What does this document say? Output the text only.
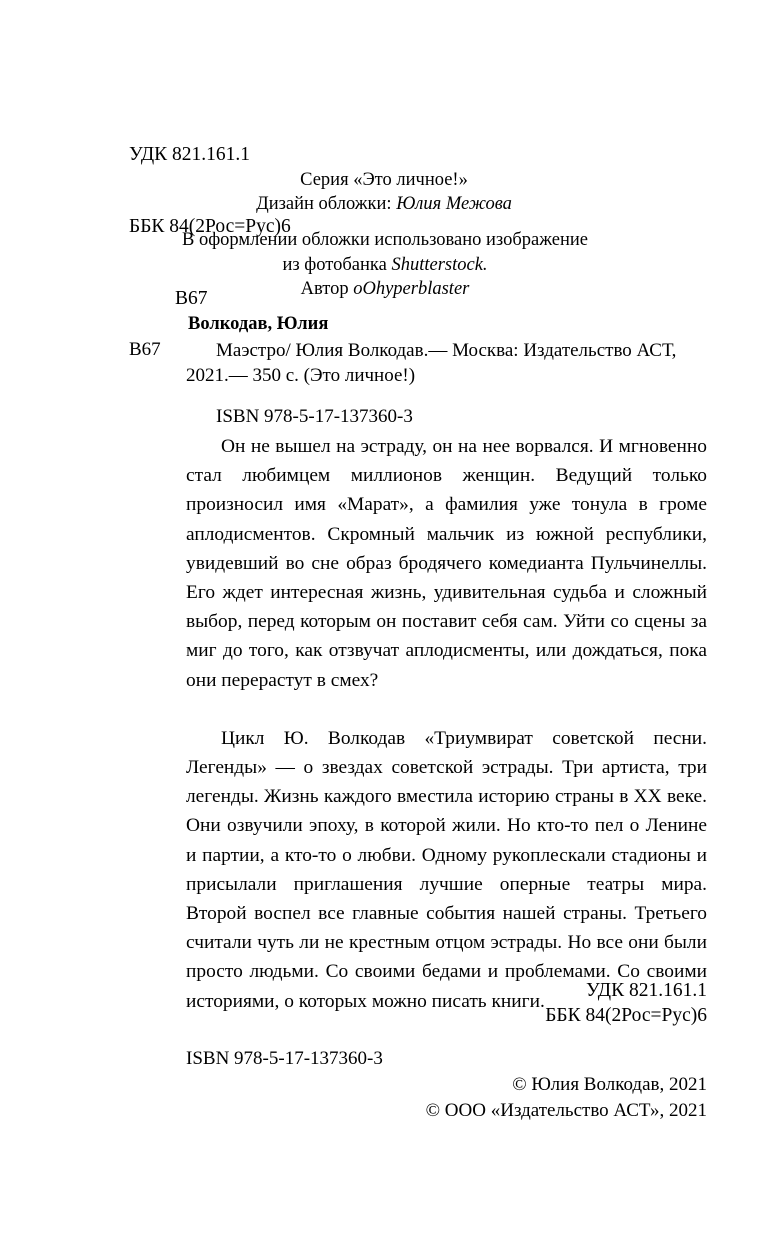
УДК 821.161.1

ББК 84(2Рос=Рус)6

В67

Серия «Это личное!»
Дизайн обложки: Юлия Межова
В оформлении обложки использовано изображение
из фотобанка Shutterstock.
Автор oOhyperblaster
Волкодав, Юлия
В67	Маэстро/ Юлия Волкодав.— Москва: Издательство АСТ, 2021.— 350 с. (Это личное!)
ISBN 978-5-17-137360-3

Он не вышел на эстраду, он на нее ворвался. И мгновенно стал любимцем миллионов женщин. Ведущий только произносил имя «Марат», а фамилия уже тонула в громе аплодисментов. Скромный мальчик из южной республики, увидевший во сне образ бродячего комедианта Пульчинеллы. Его ждет интересная жизнь, удивительная судьба и сложный выбор, перед которым он поставит себя сам. Уйти со сцены за миг до того, как отзвучат аплодисменты, или дождаться, пока они перерастут в смех?

Цикл Ю. Волкодав «Триумвират советской песни. Легенды» — о звездах советской эстрады. Три артиста, три легенды. Жизнь каждого вместила историю страны в XX веке. Они озвучили эпоху, в которой жили. Но кто-то пел о Ленине и партии, а кто-то о любви. Одному рукоплескали стадионы и присылали приглашения лучшие оперные театры мира. Второй воспел все главные события нашей страны. Третьего считали чуть ли не крестным отцом эстрады. Но все они были просто людьми. Со своими бедами и проблемами. Со своими историями, о которых можно писать книги.

УДК 821.161.1
ББК 84(2Рос=Рус)6
ISBN 978-5-17-137360-3
© Юлия Волкодав, 2021
© ООО «Издательство АСТ», 2021
